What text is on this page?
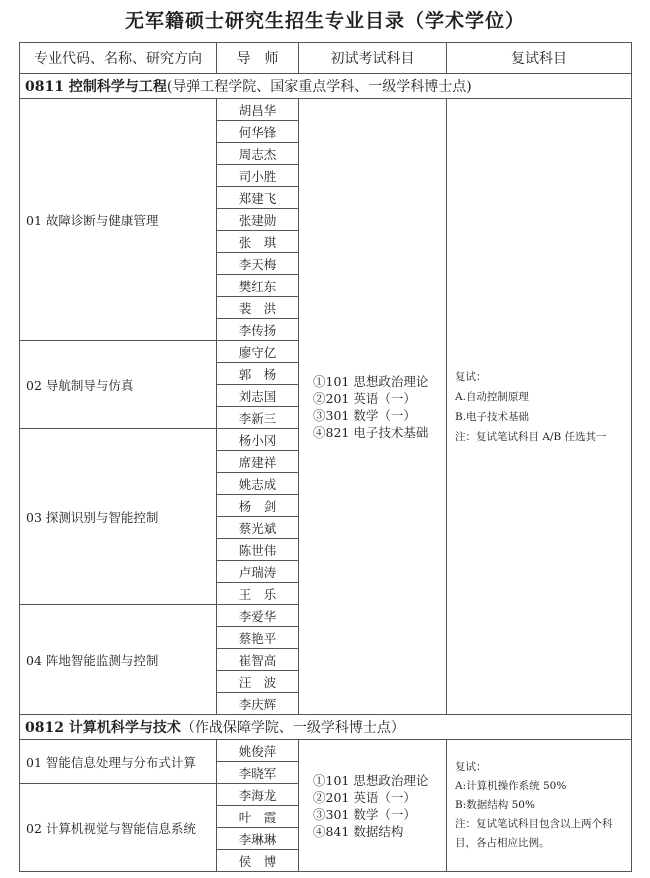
无军籍硕士研究生招生专业目录（学术学位）
专业代码、名称、研究方向	导　师	初试考试科目	复试科目
0811 控制科学与工程(导弹工程学院、国家重点学科、一级学科博士点)			
01 故障诊断与健康管理	胡昌华	①101 思想政治理论
②201 英语（一）
③301 数学（一）
④821 电子技术基础	复试：
A.自动控制原理
B.电子技术基础
注：复试笔试科目 A/B 任选其一

	何华锋		
	周志杰		
	司小胜		
	郑建飞		
	张建勋		
	张　琪		
	李天梅		
	樊红东		
	裴　洪		
	李传扬		
02 导航制导与仿真	廖守亿		
	郭　杨		
	刘志国		
	李新三		
03 探测识别与智能控制	杨小冈		
	席建祥		
	姚志成		
	杨　剑		
	蔡光斌		
	陈世伟		
	卢瑞涛		
	王　乐		
04 阵地智能监测与控制	李爱华		
	蔡艳平		
	崔智高		
	汪　波		
	李庆辉		
0812 计算机科学与技术（作战保障学院、一级学科博士点）			
01 智能信息处理与分布式计算	姚俊萍	①101 思想政治理论
②201 英语（一）
③301 数学（一）
④841 数据结构	复试：
A:计算机操作系统 50%
B:数据结构 50%
注：复试笔试科目包含以上两个科
目，各占相应比例。

	李晓军		
02 计算机视觉与智能信息系统	李海龙		
	叶　霞		
	李琳琳		
	侯　博		
